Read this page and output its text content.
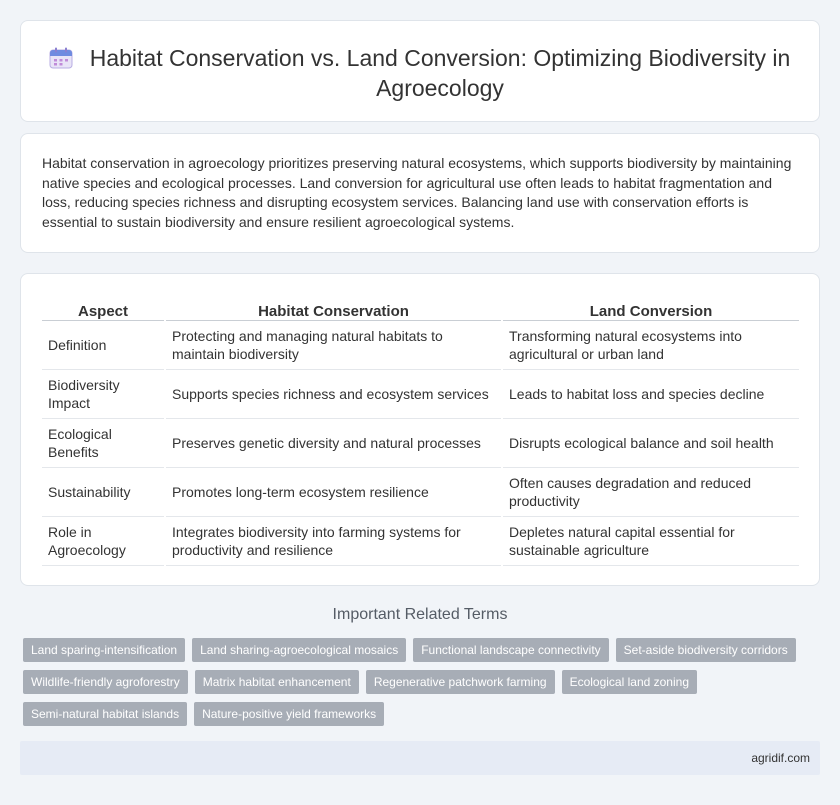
Habitat Conservation vs. Land Conversion: Optimizing Biodiversity in Agroecology

Habitat conservation in agroecology prioritizes preserving natural ecosystems, which supports biodiversity by maintaining native species and ecological processes. Land conversion for agricultural use often leads to habitat fragmentation and loss, reducing species richness and disrupting ecosystem services. Balancing land use with conservation efforts is essential to sustain biodiversity and ensure resilient agroecological systems.

Aspect	Habitat Conservation	Land Conversion
Definition	Protecting and managing natural habitats to maintain biodiversity	Transforming natural ecosystems into agricultural or urban land
Biodiversity Impact	Supports species richness and ecosystem services	Leads to habitat loss and species decline
Ecological Benefits	Preserves genetic diversity and natural processes	Disrupts ecological balance and soil health
Sustainability	Promotes long-term ecosystem resilience	Often causes degradation and reduced productivity
Role in Agroecology	Integrates biodiversity into farming systems for productivity and resilience	Depletes natural capital essential for sustainable agriculture
Important Related Terms
Land sparing-intensification	Land sharing-agroecological mosaics	Functional landscape connectivity	Set-aside biodiversity corridors
Wildlife-friendly agroforestry	Matrix habitat enhancement	Regenerative patchwork farming	Ecological land zoning
Semi-natural habitat islands	Nature-positive yield frameworks
agridif.com
